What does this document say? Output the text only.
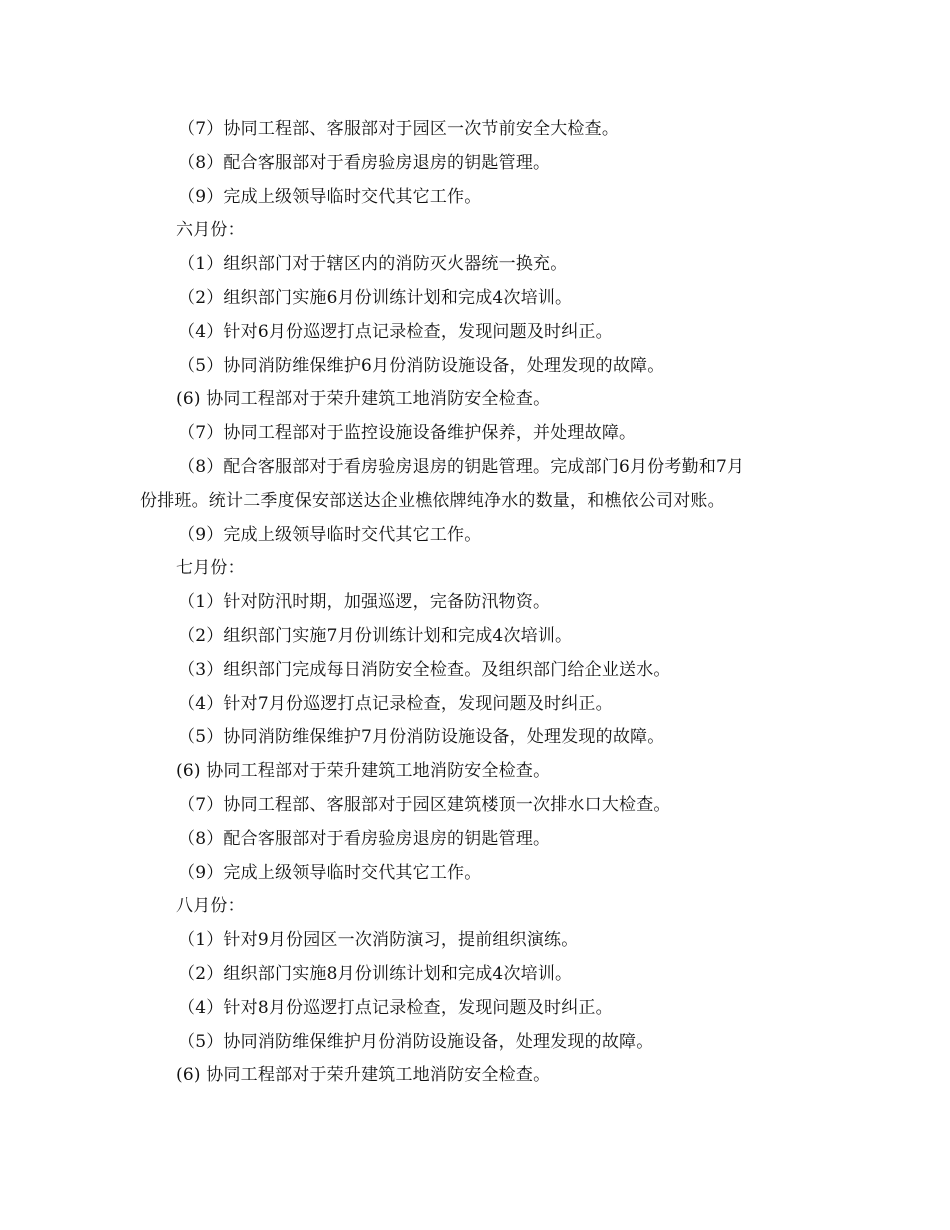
（7）协同工程部、客服部对于园区一次节前安全大检查。
（8）配合客服部对于看房验房退房的钥匙管理。
（9）完成上级领导临时交代其它工作。
六月份：
（1）组织部门对于辖区内的消防灭火器统一换充。
（2）组织部门实施6月份训练计划和完成4次培训。
（4）针对6月份巡逻打点记录检查，发现问题及时纠正。
（5）协同消防维保维护6月份消防设施设备，处理发现的故障。
(6) 协同工程部对于荣升建筑工地消防安全检查。
（7）协同工程部对于监控设施设备维护保养，并处理故障。
（8）配合客服部对于看房验房退房的钥匙管理。完成部门6月份考勤和7月
份排班。统计二季度保安部送达企业樵依牌纯净水的数量，和樵依公司对账。
（9）完成上级领导临时交代其它工作。
七月份：
（1）针对防汛时期，加强巡逻，完备防汛物资。
（2）组织部门实施7月份训练计划和完成4次培训。
（3）组织部门完成每日消防安全检查。及组织部门给企业送水。
（4）针对7月份巡逻打点记录检查，发现问题及时纠正。
（5）协同消防维保维护7月份消防设施设备，处理发现的故障。
(6) 协同工程部对于荣升建筑工地消防安全检查。
（7）协同工程部、客服部对于园区建筑楼顶一次排水口大检查。
（8）配合客服部对于看房验房退房的钥匙管理。
（9）完成上级领导临时交代其它工作。
八月份：
（1）针对9月份园区一次消防演习，提前组织演练。
（2）组织部门实施8月份训练计划和完成4次培训。
（4）针对8月份巡逻打点记录检查，发现问题及时纠正。
（5）协同消防维保维护月份消防设施设备，处理发现的故障。
(6) 协同工程部对于荣升建筑工地消防安全检查。
